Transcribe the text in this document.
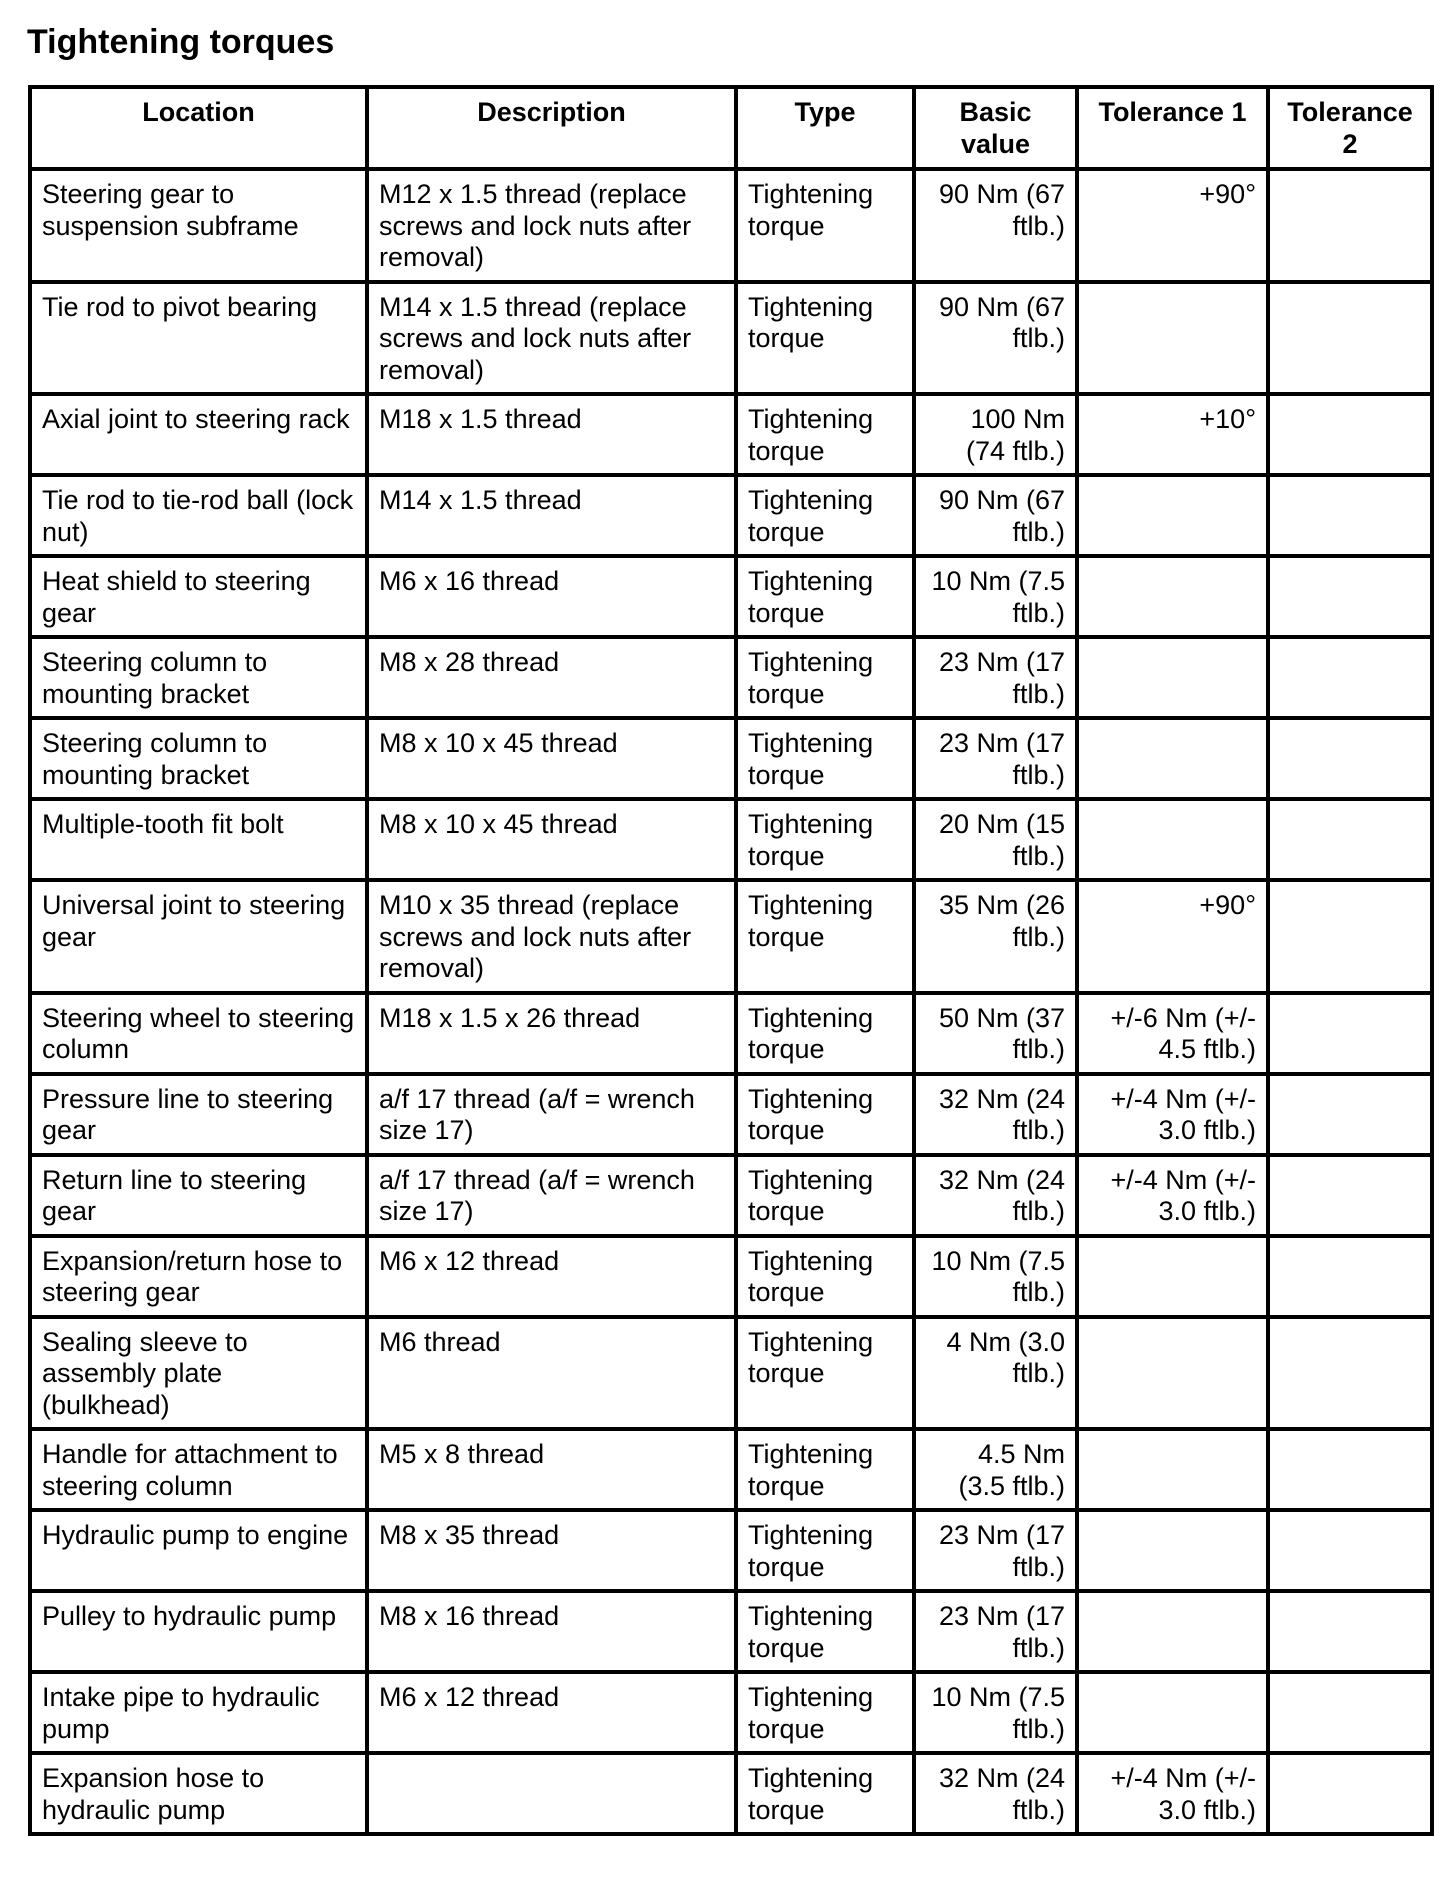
Tightening torques
Location	Description	Type	Basic value	Tolerance 1	Tolerance 2
Steering gear to suspension subframe	M12 x 1.5 thread (replace screws and lock nuts after removal)	Tightening torque	90 Nm (67 ftlb.)	+90°	
Tie rod to pivot bearing	M14 x 1.5 thread (replace screws and lock nuts after removal)	Tightening torque	90 Nm (67 ftlb.)		
Axial joint to steering rack	M18 x 1.5 thread	Tightening torque	100 Nm (74 ftlb.)	+10°	
Tie rod to tie-rod ball (lock nut)	M14 x 1.5 thread	Tightening torque	90 Nm (67 ftlb.)		
Heat shield to steering gear	M6 x 16 thread	Tightening torque	10 Nm (7.5 ftlb.)		
Steering column to mounting bracket	M8 x 28 thread	Tightening torque	23 Nm (17 ftlb.)		
Steering column to mounting bracket	M8 x 10 x 45 thread	Tightening torque	23 Nm (17 ftlb.)		
Multiple-tooth fit bolt	M8 x 10 x 45 thread	Tightening torque	20 Nm (15 ftlb.)		
Universal joint to steering gear	M10 x 35 thread (replace screws and lock nuts after removal)	Tightening torque	35 Nm (26 ftlb.)	+90°	
Steering wheel to steering column	M18 x 1.5 x 26 thread	Tightening torque	50 Nm (37 ftlb.)	+/-6 Nm (+/- 4.5 ftlb.)	
Pressure line to steering gear	a/f 17 thread (a/f = wrench size 17)	Tightening torque	32 Nm (24 ftlb.)	+/-4 Nm (+/- 3.0 ftlb.)	
Return line to steering gear	a/f 17 thread (a/f = wrench size 17)	Tightening torque	32 Nm (24 ftlb.)	+/-4 Nm (+/- 3.0 ftlb.)	
Expansion/return hose to steering gear	M6 x 12 thread	Tightening torque	10 Nm (7.5 ftlb.)		
Sealing sleeve to assembly plate (bulkhead)	M6 thread	Tightening torque	4 Nm (3.0 ftlb.)		
Handle for attachment to steering column	M5 x 8 thread	Tightening torque	4.5 Nm (3.5 ftlb.)		
Hydraulic pump to engine	M8 x 35 thread	Tightening torque	23 Nm (17 ftlb.)		
Pulley to hydraulic pump	M8 x 16 thread	Tightening torque	23 Nm (17 ftlb.)		
Intake pipe to hydraulic pump	M6 x 12 thread	Tightening torque	10 Nm (7.5 ftlb.)		
Expansion hose to hydraulic pump		Tightening torque	32 Nm (24 ftlb.)	+/-4 Nm (+/- 3.0 ftlb.)	
